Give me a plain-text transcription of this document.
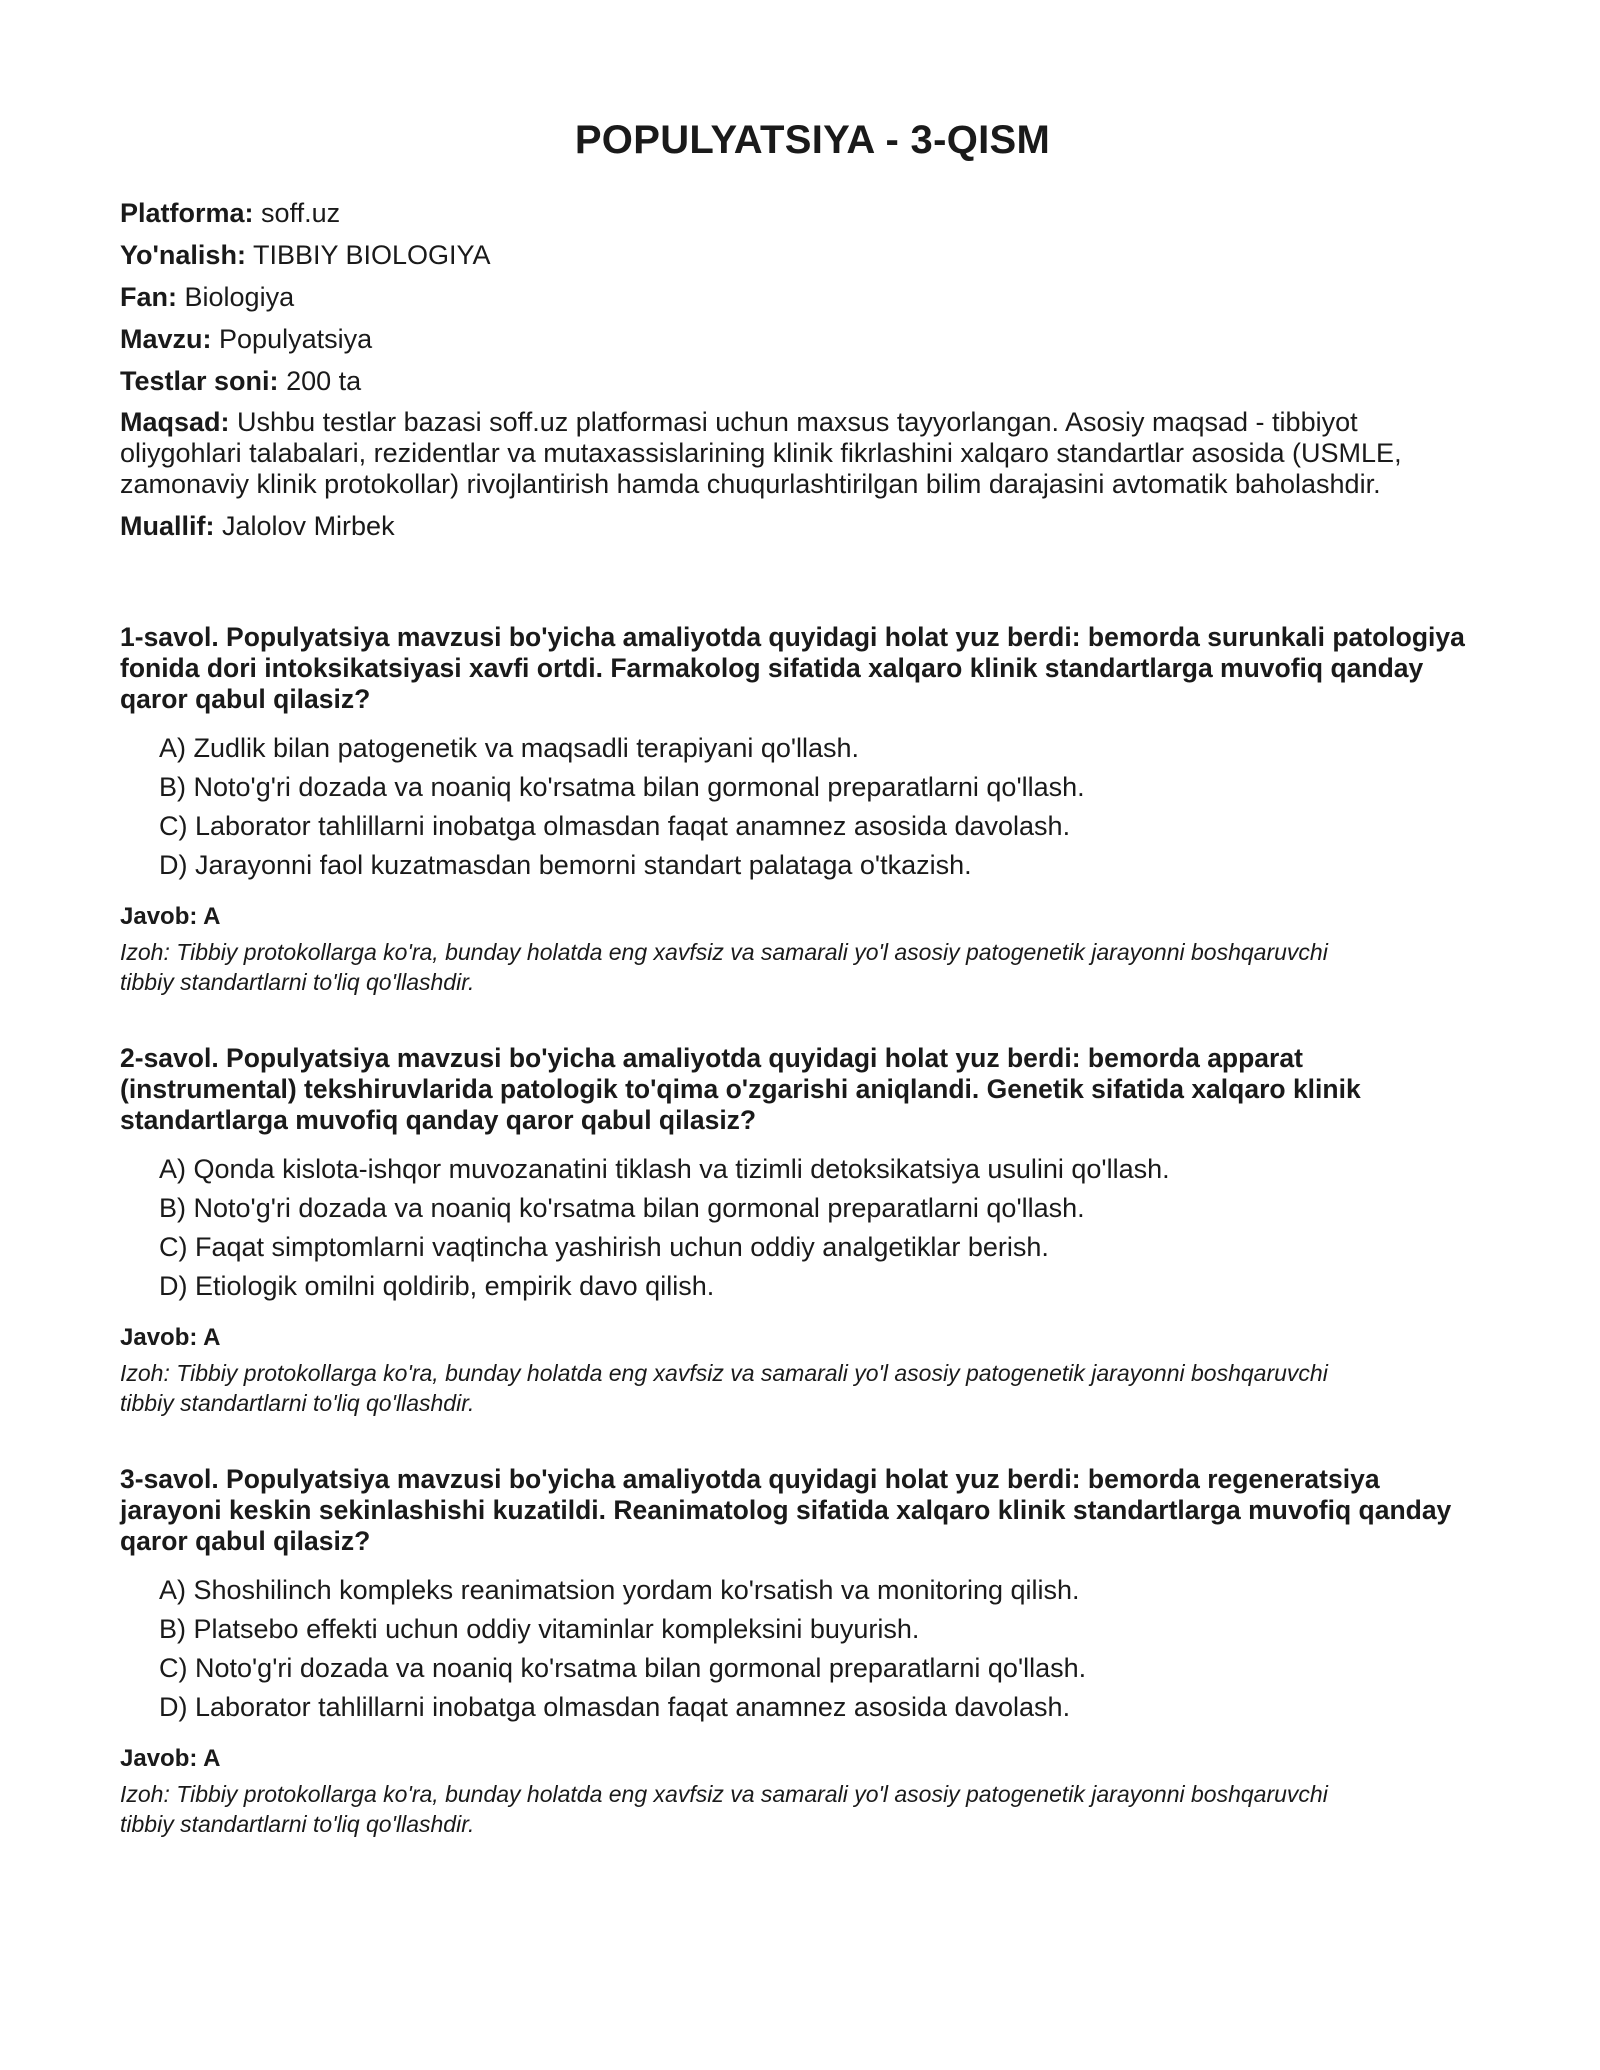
POPULYATSIYA - 3-QISM

Platforma: soff.uz

Yo'nalish: TIBBIY BIOLOGIYA

Fan: Biologiya

Mavzu: Populyatsiya

Testlar soni: 200 ta

Maqsad: Ushbu testlar bazasi soff.uz platformasi uchun maxsus tayyorlangan. Asosiy maqsad - tibbiyot oliygohlari talabalari, rezidentlar va mutaxassislarining klinik fikrlashini xalqaro standartlar asosida (USMLE, zamonaviy klinik protokollar) rivojlantirish hamda chuqurlashtirilgan bilim darajasini avtomatik baholashdir.

Muallif: Jalolov Mirbek

1-savol. Populyatsiya mavzusi bo'yicha amaliyotda quyidagi holat yuz berdi: bemorda surunkali patologiya fonida dori intoksikatsiyasi xavfi ortdi. Farmakolog sifatida xalqaro klinik standartlarga muvofiq qanday qaror qabul qilasiz?

A) Zudlik bilan patogenetik va maqsadli terapiyani qo'llash.
B) Noto'g'ri dozada va noaniq ko'rsatma bilan gormonal preparatlarni qo'llash.
C) Laborator tahlillarni inobatga olmasdan faqat anamnez asosida davolash.
D) Jarayonni faol kuzatmasdan bemorni standart palataga o'tkazish.

Javob: A

Izoh: Tibbiy protokollarga ko'ra, bunday holatda eng xavfsiz va samarali yo'l asosiy patogenetik jarayonni boshqaruvchi tibbiy standartlarni to'liq qo'llashdir.

2-savol. Populyatsiya mavzusi bo'yicha amaliyotda quyidagi holat yuz berdi: bemorda apparat (instrumental) tekshiruvlarida patologik to'qima o'zgarishi aniqlandi. Genetik sifatida xalqaro klinik standartlarga muvofiq qanday qaror qabul qilasiz?

A) Qonda kislota-ishqor muvozanatini tiklash va tizimli detoksikatsiya usulini qo'llash.
B) Noto'g'ri dozada va noaniq ko'rsatma bilan gormonal preparatlarni qo'llash.
C) Faqat simptomlarni vaqtincha yashirish uchun oddiy analgetiklar berish.
D) Etiologik omilni qoldirib, empirik davo qilish.

Javob: A

Izoh: Tibbiy protokollarga ko'ra, bunday holatda eng xavfsiz va samarali yo'l asosiy patogenetik jarayonni boshqaruvchi tibbiy standartlarni to'liq qo'llashdir.

3-savol. Populyatsiya mavzusi bo'yicha amaliyotda quyidagi holat yuz berdi: bemorda regeneratsiya jarayoni keskin sekinlashishi kuzatildi. Reanimatolog sifatida xalqaro klinik standartlarga muvofiq qanday qaror qabul qilasiz?

A) Shoshilinch kompleks reanimatsion yordam ko'rsatish va monitoring qilish.
B) Platsebo effekti uchun oddiy vitaminlar kompleksini buyurish.
C) Noto'g'ri dozada va noaniq ko'rsatma bilan gormonal preparatlarni qo'llash.
D) Laborator tahlillarni inobatga olmasdan faqat anamnez asosida davolash.

Javob: A

Izoh: Tibbiy protokollarga ko'ra, bunday holatda eng xavfsiz va samarali yo'l asosiy patogenetik jarayonni boshqaruvchi tibbiy standartlarni to'liq qo'llashdir.
